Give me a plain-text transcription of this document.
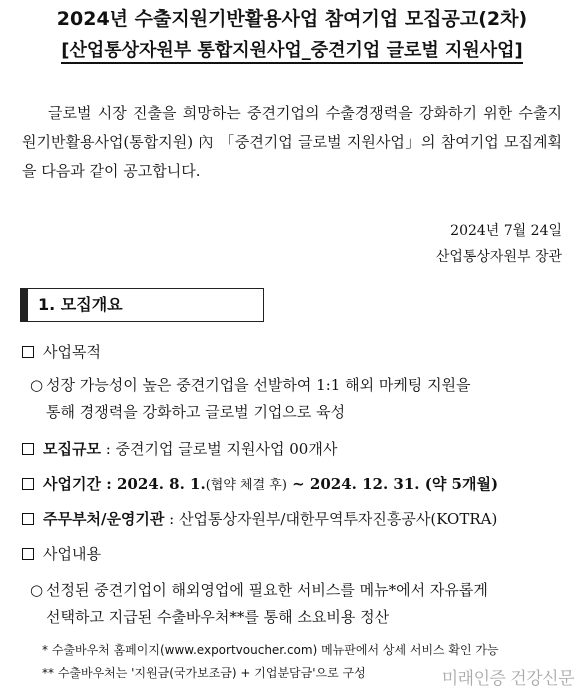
2024년 수출지원기반활용사업 참여기업 모집공고(2차)
[산업통상자원부 통합지원사업_중견기업 글로벌 지원사업]

글로벌 시장 진출을 희망하는 중견기업의 수출경쟁력을 강화하기 위한 수출지원기반활용사업(통합지원) 內 「중견기업 글로벌 지원사업」의 참여기업 모집계획을 다음과 같이 공고합니다.

2024년 7월 24일
산업통상자원부 장관
1. 모집개요
사업목적
○ 성장 가능성이 높은 중견기업을 선발하여 1:1 해외 마케팅 지원을
통해 경쟁력을 강화하고 글로벌 기업으로 육성
모집규모 : 중견기업 글로벌 지원사업 00개사
사업기간 : 2024. 8. 1.(협약 체결 후) ~ 2024. 12. 31. (약 5개월)
주무부처/운영기관 : 산업통상자원부/대한무역투자진흥공사(KOTRA)
사업내용
○ 선정된 중견기업이 해외영업에 필요한 서비스를 메뉴*에서 자유롭게
선택하고 지급된 수출바우처**를 통해 소요비용 정산
* 수출바우처 홈페이지(www.exportvoucher.com) 메뉴판에서 상세 서비스 확인 가능
** 수출바우처는 '지원금(국가보조금) + 기업분담금'으로 구성	미래인증 건강신문
